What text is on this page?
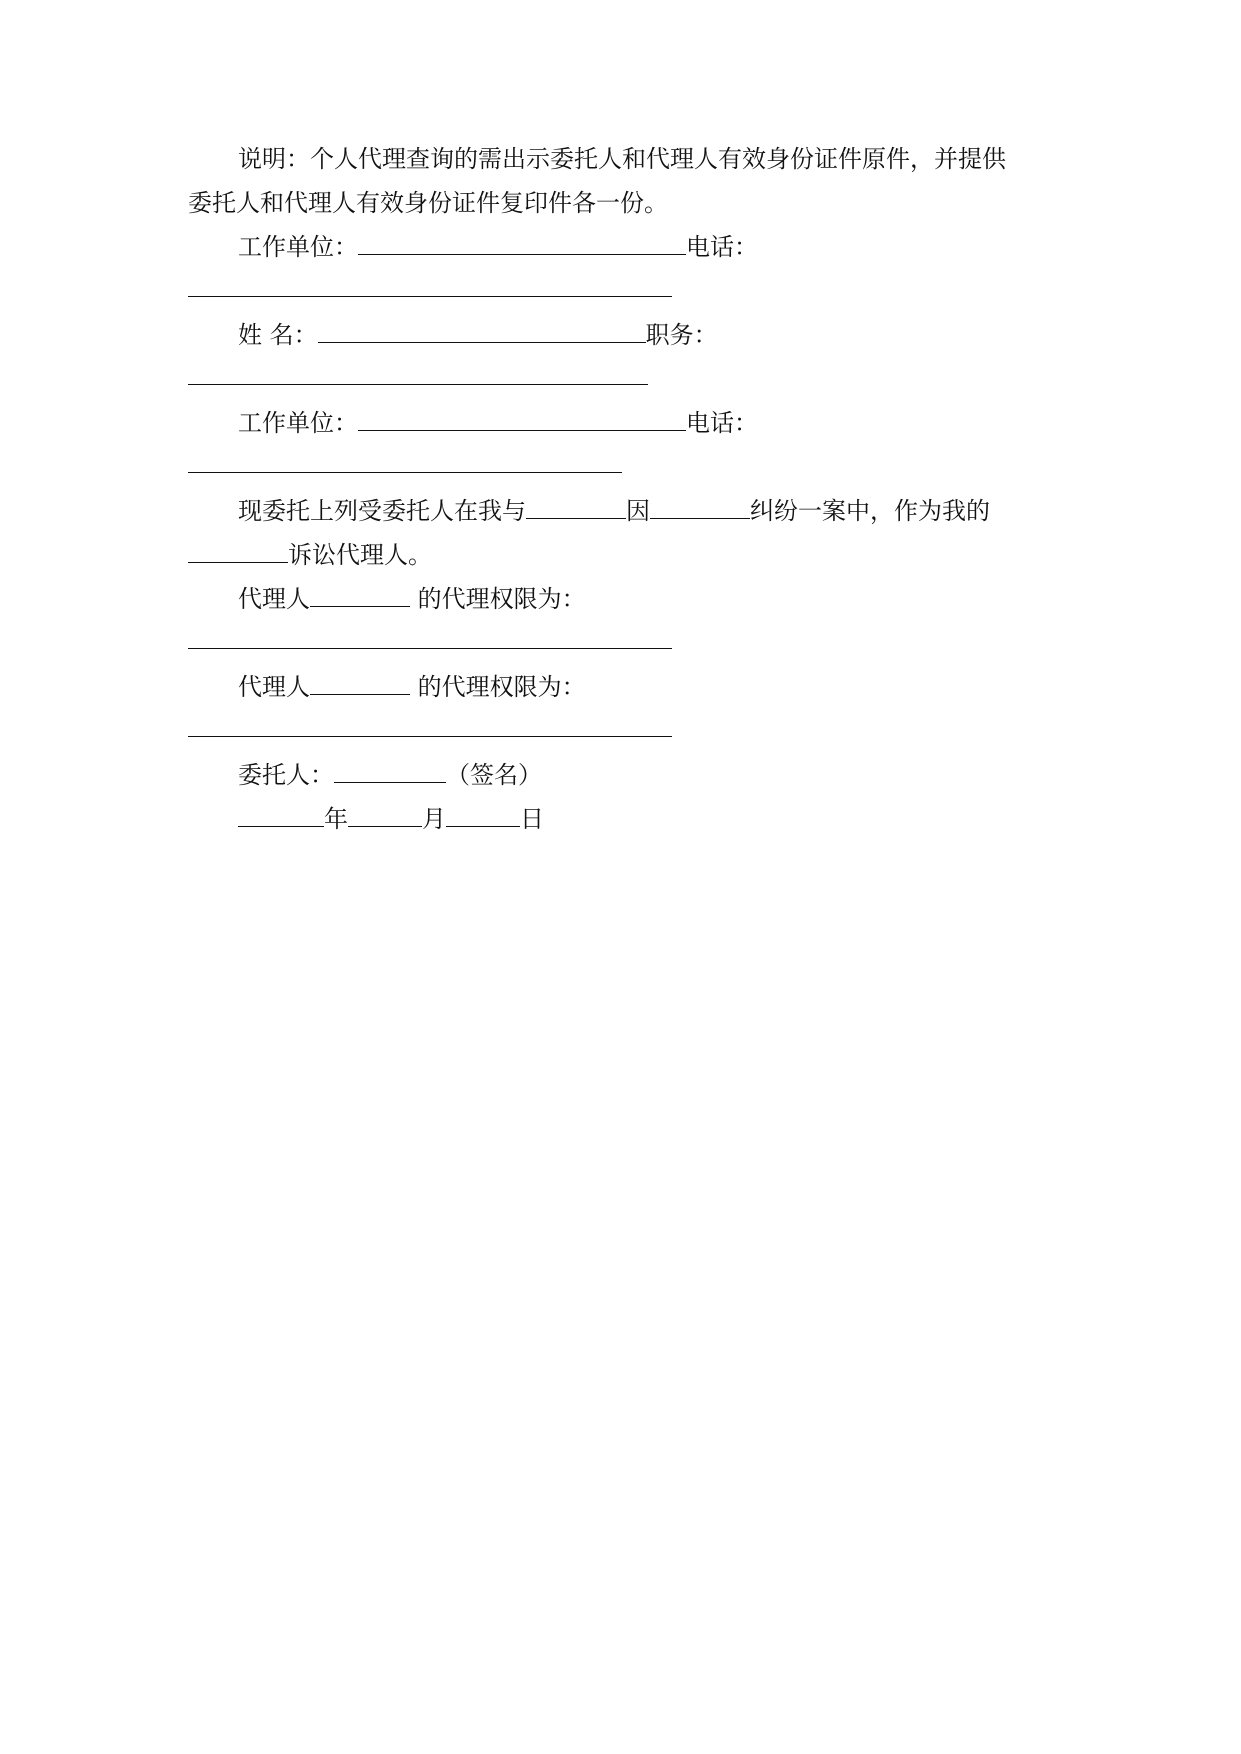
说明：个人代理查询的需出示委托人和代理人有效身份证件原件，并提供
委托人和代理人有效身份证件复印件各一份。
工作单位：	电话：
姓 名：	职务：
工作单位：	电话：
现委托上列受委托人在我与	因	纠纷一案中，作为我的
诉讼代理人。
代理人	的代理权限为：
代理人	的代理权限为：
委托人：	（签名）
年	月	日
